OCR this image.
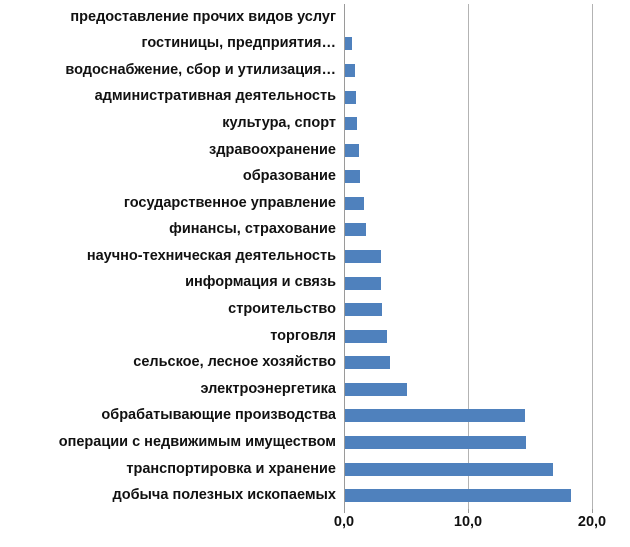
предоставление прочих видов услуг
гостиницы, предприятия…
водоснабжение, сбор и утилизация…
административная деятельность
культура, спорт
здравоохранение
образование
государственное управление
финансы, страхование
научно-техническая деятельность
информация и связь
строительство
торговля
сельское, лесное хозяйство
электроэнергетика
обрабатывающие производства
операции с недвижимым имуществом
транспортировка и хранение
добыча полезных ископаемых
0,0	10,0	20,0
